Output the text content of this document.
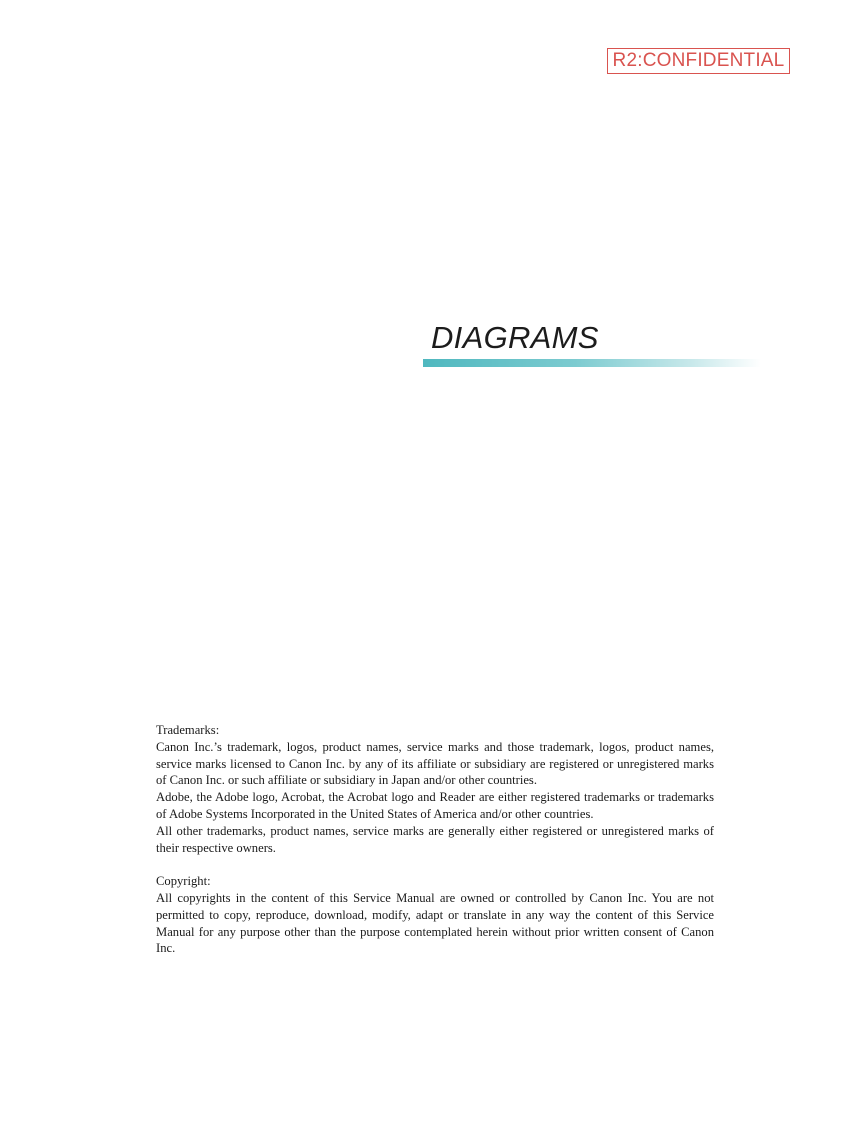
R2:CONFIDENTIAL
DIAGRAMS

Trademarks:

Canon Inc.’s trademark, logos, product names, service marks and those trademark, logos, product names, service marks licensed to Canon Inc. by any of its affiliate or subsidiary are registered or unregistered marks of Canon Inc. or such affiliate or subsidiary in Japan and/or other countries.

Adobe, the Adobe logo, Acrobat, the Acrobat logo and Reader are either registered trademarks or trademarks of Adobe Systems Incorporated in the United States of America and/or other countries.

All other trademarks, product names, service marks are generally either registered or unregistered marks of their respective owners.

Copyright:

All copyrights in the content of this Service Manual are owned or controlled by Canon Inc. You are not permitted to copy, reproduce, download, modify, adapt or translate in any way the content of this Service Manual for any purpose other than the purpose contemplated herein without prior written consent of Canon Inc.
